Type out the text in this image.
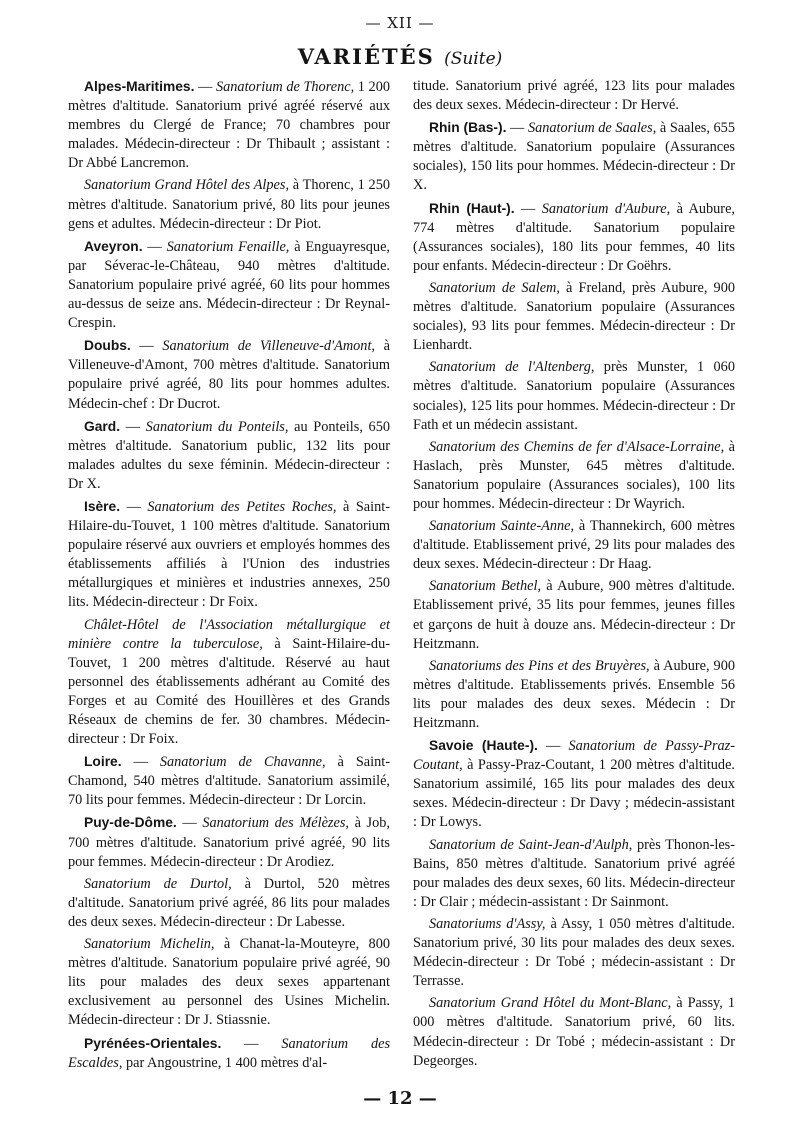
— XII —
VARIÉTÉS (Suite)

Alpes-Maritimes. — Sanatorium de Thorenc, 1 200 mètres d'altitude. Sanatorium privé agréé réservé aux membres du Clergé de France; 70 chambres pour malades. Médecin-directeur : Dr Thibault ; assistant : Dr Abbé Lancremon.

Sanatorium Grand Hôtel des Alpes, à Thorenc, 1 250 mètres d'altitude. Sanatorium privé, 80 lits pour jeunes gens et adultes. Médecin-directeur : Dr Piot.

Aveyron. — Sanatorium Fenaille, à Enguayresque, par Séverac-le-Château, 940 mètres d'altitude. Sanatorium populaire privé agréé, 60 lits pour hommes au-dessus de seize ans. Médecin-directeur : Dr Reynal-Crespin.

Doubs. — Sanatorium de Villeneuve-d'Amont, à Villeneuve-d'Amont, 700 mètres d'altitude. Sanatorium populaire privé agréé, 80 lits pour hommes adultes. Médecin-chef : Dr Ducrot.

Gard. — Sanatorium du Ponteils, au Ponteils, 650 mètres d'altitude. Sanatorium public, 132 lits pour malades adultes du sexe féminin. Médecin-directeur : Dr X.

Isère. — Sanatorium des Petites Roches, à Saint-Hilaire-du-Touvet, 1 100 mètres d'altitude. Sanatorium populaire réservé aux ouvriers et employés hommes des établissements affiliés à l'Union des industries métallurgiques et minières et industries annexes, 250 lits. Médecin-directeur : Dr Foix.

Châlet-Hôtel de l'Association métallurgique et minière contre la tuberculose, à Saint-Hilaire-du-Touvet, 1 200 mètres d'altitude. Réservé au haut personnel des établissements adhérant au Comité des Forges et au Comité des Houillères et des Grands Réseaux de chemins de fer. 30 chambres. Médecin-directeur : Dr Foix.

Loire. — Sanatorium de Chavanne, à Saint-Chamond, 540 mètres d'altitude. Sanatorium assimilé, 70 lits pour femmes. Médecin-directeur : Dr Lorcin.

Puy-de-Dôme. — Sanatorium des Mélèzes, à Job, 700 mètres d'altitude. Sanatorium privé agréé, 90 lits pour femmes. Médecin-directeur : Dr Arodiez.

Sanatorium de Durtol, à Durtol, 520 mètres d'altitude. Sanatorium privé agréé, 86 lits pour malades des deux sexes. Médecin-directeur : Dr Labesse.

Sanatorium Michelin, à Chanat-la-Mouteyre, 800 mètres d'altitude. Sanatorium populaire privé agréé, 90 lits pour malades des deux sexes appartenant exclusivement au personnel des Usines Michelin. Médecin-directeur : Dr J. Stiassnie.

Pyrénées-Orientales. — Sanatorium des Escaldes, par Angoustrine, 1 400 mètres d'al-

titude. Sanatorium privé agréé, 123 lits pour malades des deux sexes. Médecin-directeur : Dr Hervé.

Rhin (Bas-). — Sanatorium de Saales, à Saales, 655 mètres d'altitude. Sanatorium populaire (Assurances sociales), 150 lits pour hommes. Médecin-directeur : Dr X.

Rhin (Haut-). — Sanatorium d'Aubure, à Aubure, 774 mètres d'altitude. Sanatorium populaire (Assurances sociales), 180 lits pour femmes, 40 lits pour enfants. Médecin-directeur : Dr Goëhrs.

Sanatorium de Salem, à Freland, près Aubure, 900 mètres d'altitude. Sanatorium populaire (Assurances sociales), 93 lits pour femmes. Médecin-directeur : Dr Lienhardt.

Sanatorium de l'Altenberg, près Munster, 1 060 mètres d'altitude. Sanatorium populaire (Assurances sociales), 125 lits pour hommes. Médecin-directeur : Dr Fath et un médecin assistant.

Sanatorium des Chemins de fer d'Alsace-Lorraine, à Haslach, près Munster, 645 mètres d'altitude. Sanatorium populaire (Assurances sociales), 100 lits pour hommes. Médecin-directeur : Dr Wayrich.

Sanatorium Sainte-Anne, à Thannekirch, 600 mètres d'altitude. Etablissement privé, 29 lits pour malades des deux sexes. Médecin-directeur : Dr Haag.

Sanatorium Bethel, à Aubure, 900 mètres d'altitude. Etablissement privé, 35 lits pour femmes, jeunes filles et garçons de huit à douze ans. Médecin-directeur : Dr Heitzmann.

Sanatoriums des Pins et des Bruyères, à Aubure, 900 mètres d'altitude. Etablissements privés. Ensemble 56 lits pour malades des deux sexes. Médecin : Dr Heitzmann.

Savoie (Haute-). — Sanatorium de Passy-Praz-Coutant, à Passy-Praz-Coutant, 1 200 mètres d'altitude. Sanatorium assimilé, 165 lits pour malades des deux sexes. Médecin-directeur : Dr Davy ; médecin-assistant : Dr Lowys.

Sanatorium de Saint-Jean-d'Aulph, près Thonon-les-Bains, 850 mètres d'altitude. Sanatorium privé agréé pour malades des deux sexes, 60 lits. Médecin-directeur : Dr Clair ; médecin-assistant : Dr Sainmont.

Sanatoriums d'Assy, à Assy, 1 050 mètres d'altitude. Sanatorium privé, 30 lits pour malades des deux sexes. Médecin-directeur : Dr Tobé ; médecin-assistant : Dr Terrasse.

Sanatorium Grand Hôtel du Mont-Blanc, à Passy, 1 000 mètres d'altitude. Sanatorium privé, 60 lits. Médecin-directeur : Dr Tobé ; médecin-assistant : Dr Degeorges.

— 12 —
